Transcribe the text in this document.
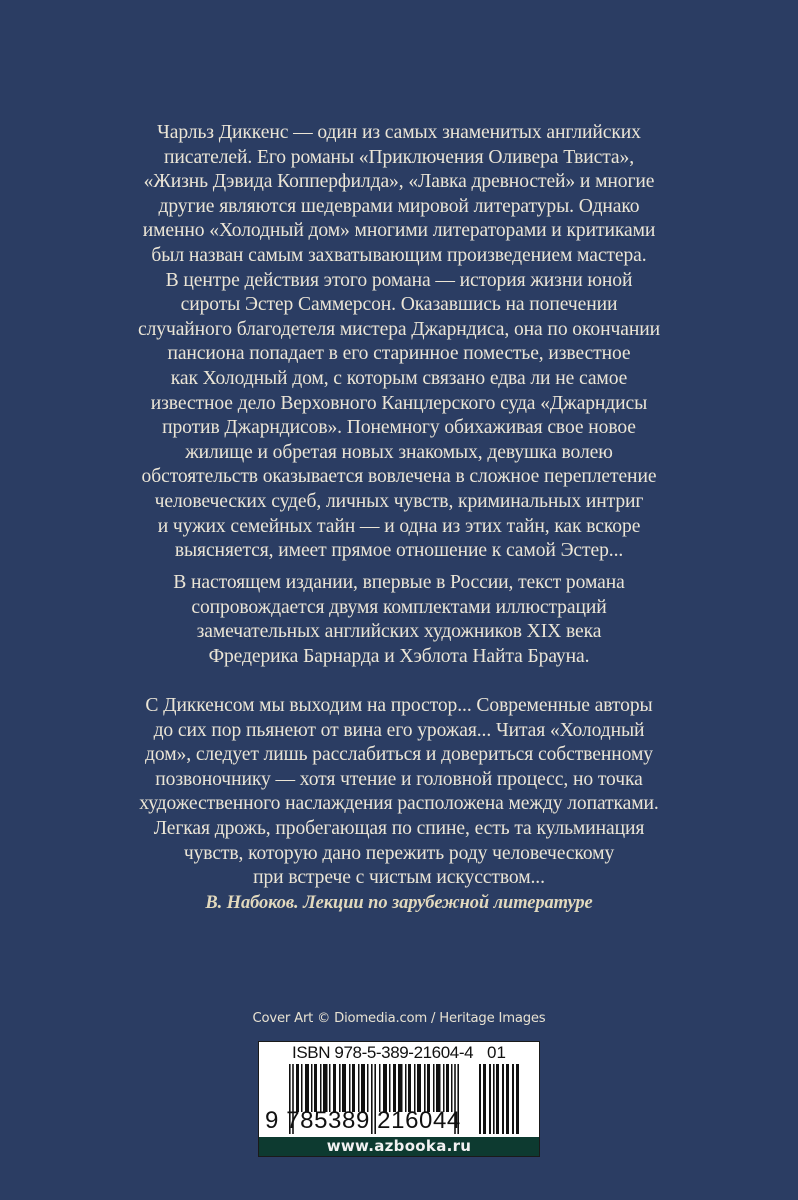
Чарльз Диккенс — один из самых знаменитых английских
писателей. Его романы «Приключения Оливера Твиста»,
«Жизнь Дэвида Копперфилда», «Лавка древностей» и многие
другие являются шедеврами мировой литературы. Однако
именно «Холодный дом» многими литераторами и критиками
был назван самым захватывающим произведением мастера.
В центре действия этого романа — история жизни юной
сироты Эстер Саммерсон. Оказавшись на попечении
случайного благодетеля мистера Джарндиса, она по окончании
пансиона попадает в его старинное поместье, известное
как Холодный дом, с которым связано едва ли не самое
известное дело Верховного Канцлерского суда «Джарндисы
против Джарндисов». Понемногу обихаживая свое новое
жилище и обретая новых знакомых, девушка волею
обстоятельств оказывается вовлечена в сложное переплетение
человеческих судеб, личных чувств, криминальных интриг
и чужих семейных тайн — и одна из этих тайн, как вскоре
выясняется, имеет прямое отношение к самой Эстер...
В настоящем издании, впервые в России, текст романа
сопровождается двумя комплектами иллюстраций
замечательных английских художников XIX века
Фредерика Барнарда и Хэблота Найта Брауна.
С Диккенсом мы выходим на простор... Современные авторы
до сих пор пьянеют от вина его урожая... Читая «Холодный
дом», следует лишь расслабиться и довериться собственному
позвоночнику — хотя чтение и головной процесс, но точка
художественного наслаждения расположена между лопатками.
Легкая дрожь, пробегающая по спине, есть та кульминация
чувств, которую дано пережить роду человеческому
при встрече с чистым искусством...
В. Набоков. Лекции по зарубежной литературе
Cover Art © Diomedia.com / Heritage Images
ISBN 978-5-389-21604-4 01
9 785389 216044
www.azbooka.ru
